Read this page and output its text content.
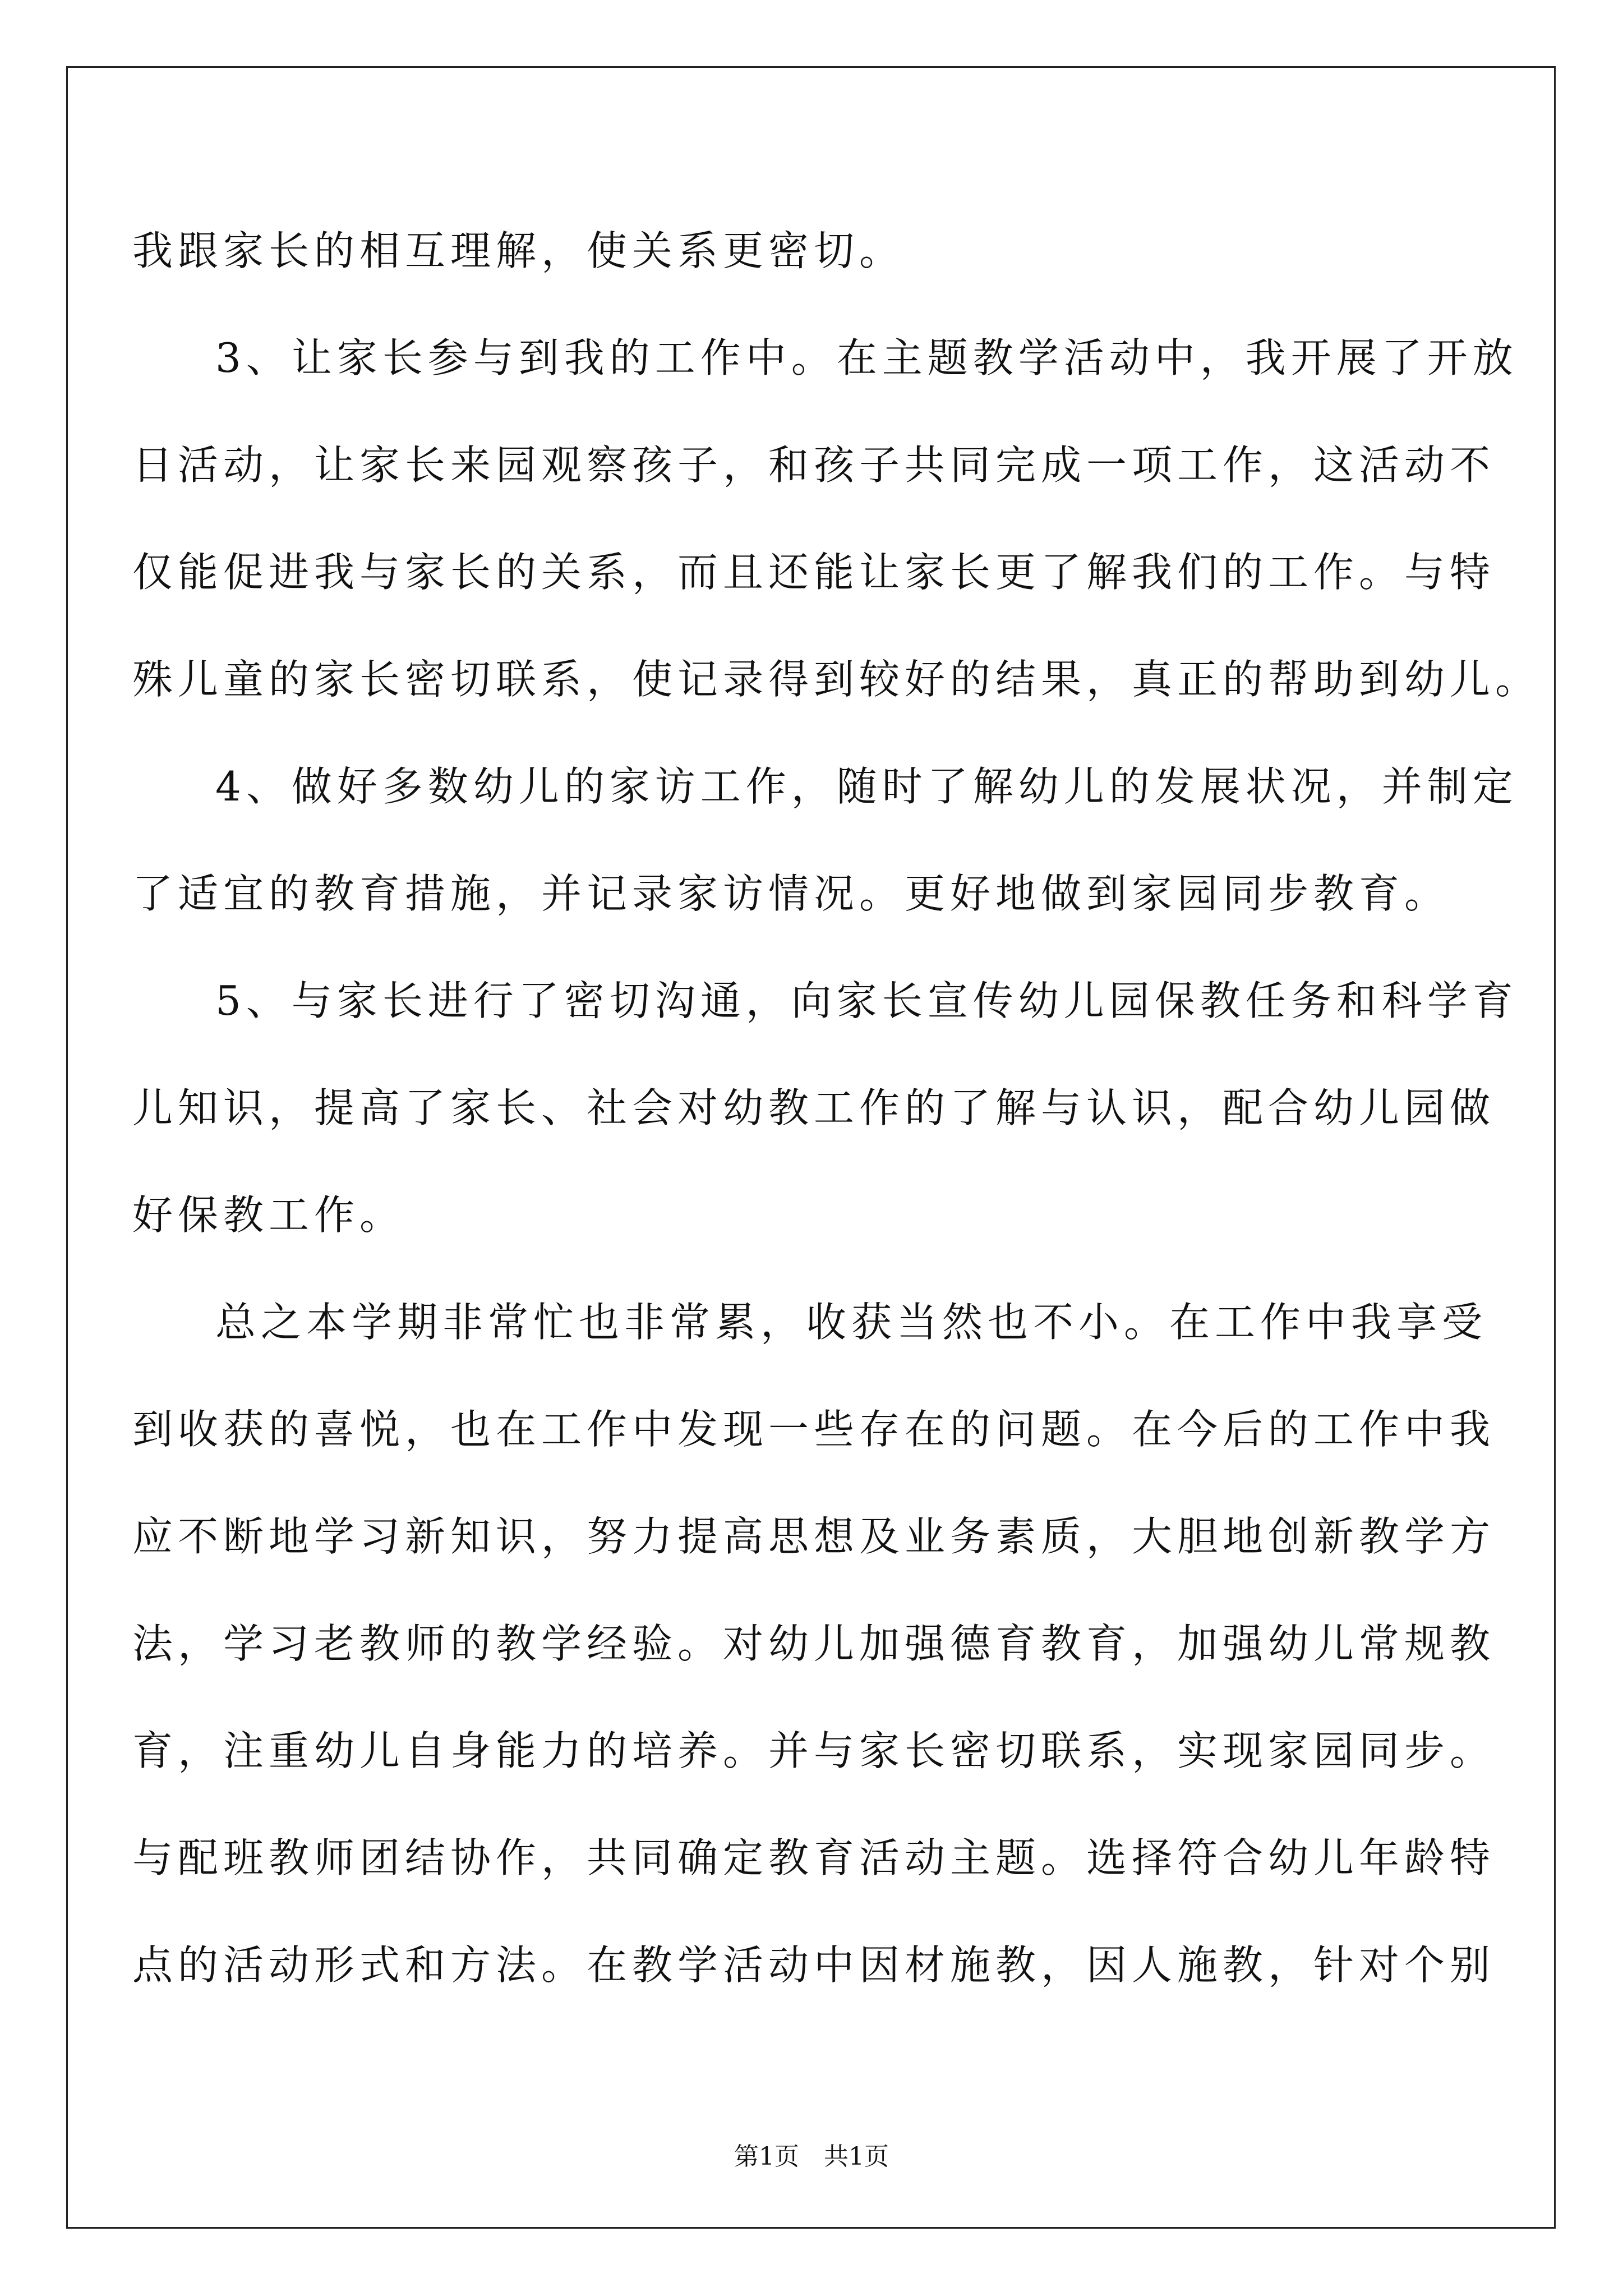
我跟家长的相互理解，使关系更密切。
3、让家长参与到我的工作中。在主题教学活动中，我开展了开放
日活动，让家长来园观察孩子，和孩子共同完成一项工作，这活动不
仅能促进我与家长的关系，而且还能让家长更了解我们的工作。与特
殊儿童的家长密切联系，使记录得到较好的结果，真正的帮助到幼儿。
4、做好多数幼儿的家访工作，随时了解幼儿的发展状况，并制定
了适宜的教育措施，并记录家访情况。更好地做到家园同步教育。
5、与家长进行了密切沟通，向家长宣传幼儿园保教任务和科学育
儿知识，提高了家长、社会对幼教工作的了解与认识，配合幼儿园做
好保教工作。
总之本学期非常忙也非常累，收获当然也不小。在工作中我享受
到收获的喜悦，也在工作中发现一些存在的问题。在今后的工作中我
应不断地学习新知识，努力提高思想及业务素质，大胆地创新教学方
法，学习老教师的教学经验。对幼儿加强德育教育，加强幼儿常规教
育，注重幼儿自身能力的培养。并与家长密切联系，实现家园同步。
与配班教师团结协作，共同确定教育活动主题。选择符合幼儿年龄特
点的活动形式和方法。在教学活动中因材施教，因人施教，针对个别
第1页　共1页
